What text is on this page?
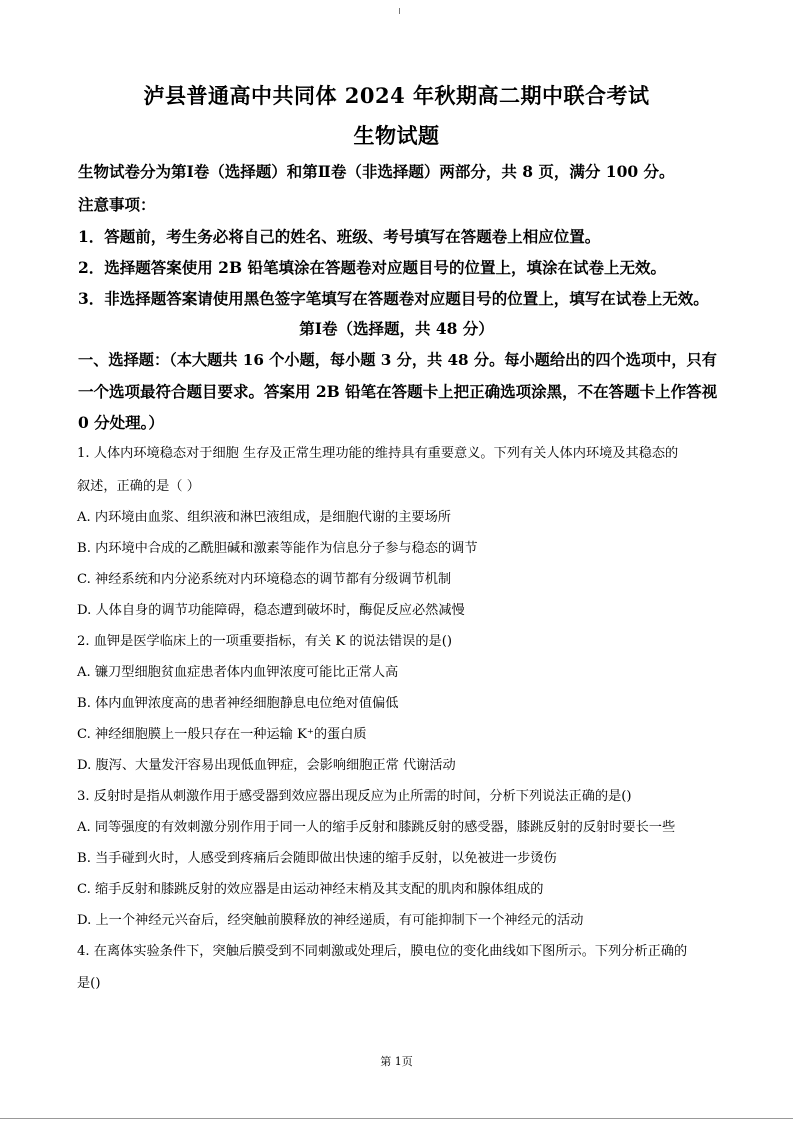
泸县普通高中共同体 2024 年秋期高二期中联合考试
生物试题
生物试卷分为第Ⅰ卷（选择题）和第Ⅱ卷（非选择题）两部分，共 8 页，满分 100 分。
注意事项：
1．答题前，考生务必将自己的姓名、班级、考号填写在答题卷上相应位置。
2．选择题答案使用 2B 铅笔填涂在答题卷对应题目号的位置上，填涂在试卷上无效。
3．非选择题答案请使用黑色签字笔填写在答题卷对应题目号的位置上，填写在试卷上无效。
第Ⅰ卷（选择题，共 48 分）
一、选择题：（本大题共 16 个小题，每小题 3 分，共 48 分。每小题给出的四个选项中，只有
一个选项最符合题目要求。答案用 2B 铅笔在答题卡上把正确选项涂黑，不在答题卡上作答视
0 分处理。）
1. 人体内环境稳态对于细胞 生存及正常生理功能的维持具有重要意义。下列有关人体内环境及其稳态的
叙述，正确的是（ ）
A. 内环境由血浆、组织液和淋巴液组成，是细胞代谢的主要场所
B. 内环境中合成的乙酰胆碱和激素等能作为信息分子参与稳态的调节
C. 神经系统和内分泌系统对内环境稳态的调节都有分级调节机制
D. 人体自身的调节功能障碍，稳态遭到破坏时，酶促反应必然减慢
2. 血钾是医学临床上的一项重要指标，有关 K 的说法错误的是()
A. 镰刀型细胞贫血症患者体内血钾浓度可能比正常人高
B. 体内血钾浓度高的患者神经细胞静息电位绝对值偏低
C. 神经细胞膜上一般只存在一种运输 K⁺的蛋白质
D. 腹泻、大量发汗容易出现低血钾症，会影响细胞正常 代谢活动
3. 反射时是指从刺激作用于感受器到效应器出现反应为止所需的时间，分析下列说法正确的是()
A. 同等强度的有效刺激分别作用于同一人的缩手反射和膝跳反射的感受器，膝跳反射的反射时要长一些
B. 当手碰到火时，人感受到疼痛后会随即做出快速的缩手反射，以免被进一步烫伤
C. 缩手反射和膝跳反射的效应器是由运动神经末梢及其支配的肌肉和腺体组成的
D. 上一个神经元兴奋后，经突触前膜释放的神经递质，有可能抑制下一个神经元的活动
4. 在离体实验条件下，突触后膜受到不同刺激或处理后，膜电位的变化曲线如下图所示。下列分析正确的
是()
第 1页
